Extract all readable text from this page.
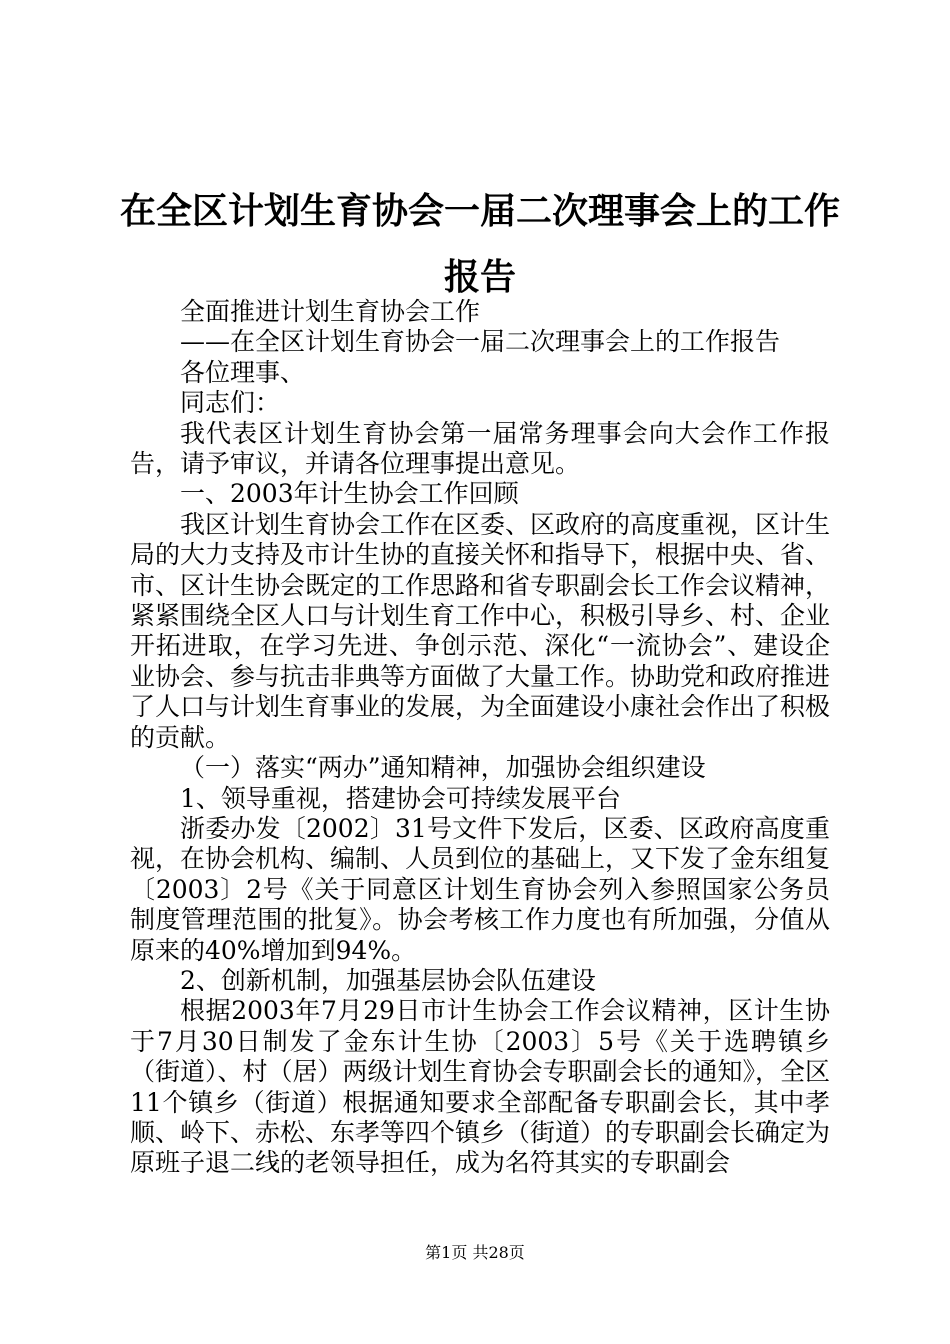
在全区计划生育协会一届二次理事会上的工作报告

全面推进计划生育协会工作

——在全区计划生育协会一届二次理事会上的工作报告

各位理事、

同志们：

我代表区计划生育协会第一届常务理事会向大会作工作报告，请予审议，并请各位理事提出意见。

一、2003年计生协会工作回顾

我区计划生育协会工作在区委、区政府的高度重视，区计生局的大力支持及市计生协的直接关怀和指导下，根据中央、省、市、区计生协会既定的工作思路和省专职副会长工作会议精神，紧紧围绕全区人口与计划生育工作中心，积极引导乡、村、企业开拓进取，在学习先进、争创示范、深化“一流协会”、建设企业协会、参与抗击非典等方面做了大量工作。协助党和政府推进了人口与计划生育事业的发展，为全面建设小康社会作出了积极的贡献。

（一）落实“两办”通知精神，加强协会组织建设

1、领导重视，搭建协会可持续发展平台

浙委办发〔2002〕31号文件下发后，区委、区政府高度重视，在协会机构、编制、人员到位的基础上，又下发了金东组复〔2003〕2号《关于同意区计划生育协会列入参照国家公务员制度管理范围的批复》。协会考核工作力度也有所加强，分值从原来的40%增加到94%。

2、创新机制，加强基层协会队伍建设

根据2003年7月29日市计生协会工作会议精神，区计生协于7月30日制发了金东计生协〔2003〕5号《关于选聘镇乡（街道）、村（居）两级计划生育协会专职副会长的通知》，全区11个镇乡（街道）根据通知要求全部配备专职副会长，其中孝顺、岭下、赤松、东孝等四个镇乡（街道）的专职副会长确定为原班子退二线的老领导担任，成为名符其实的专职副会

第1页 共28页
